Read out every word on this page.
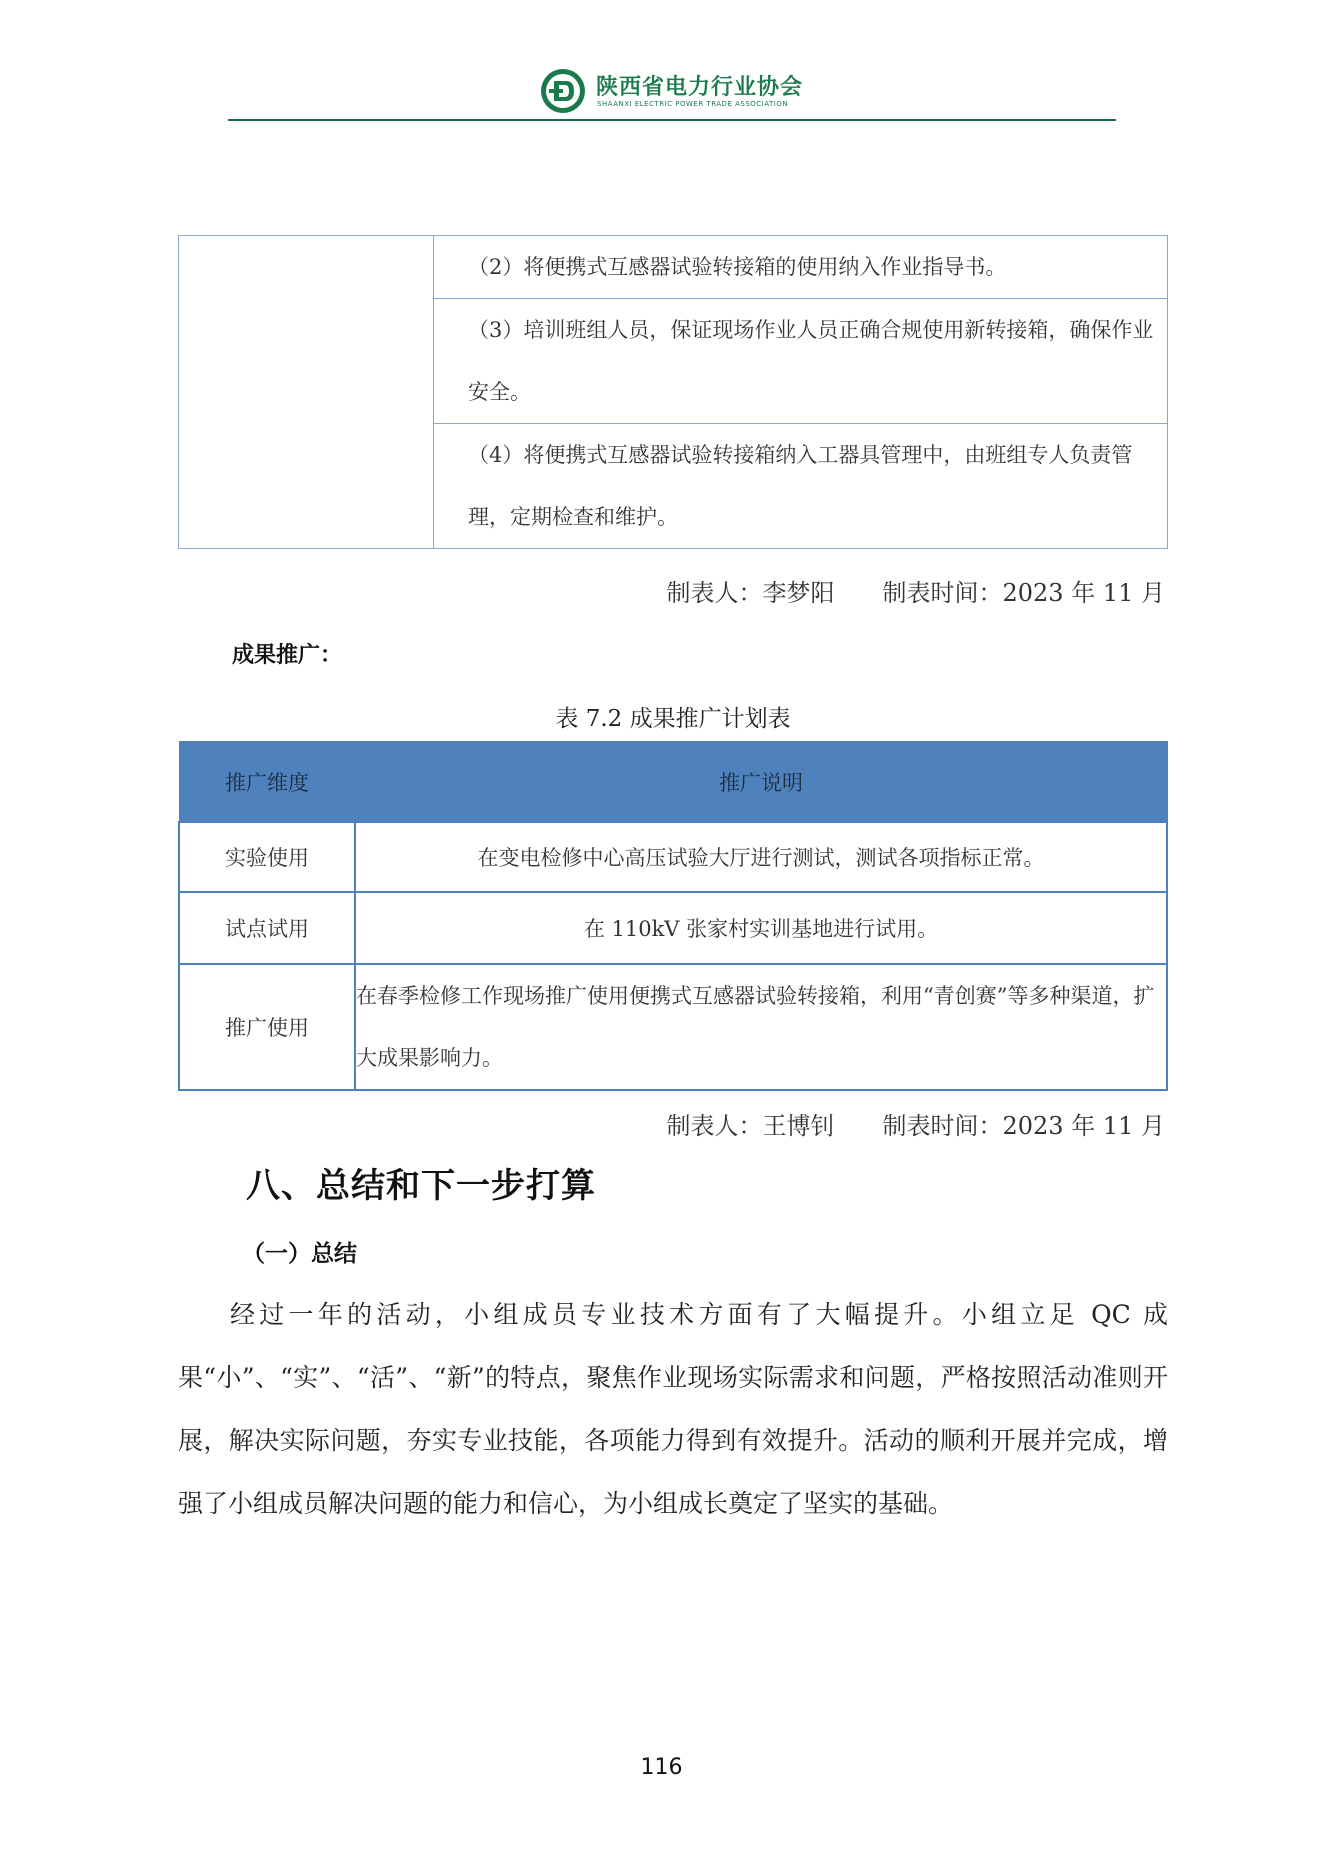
陕西省电力行业协会
SHAANXI ELECTRIC POWER TRADE ASSOCIATION

（2）将便携式互感器试验转接箱的使用纳入作业指导书。

（3）培训班组人员，保证现场作业人员正确合规使用新转接箱，确保作业安全。

（4）将便携式互感器试验转接箱纳入工器具管理中，由班组专人负责管理，定期检查和维护。
制表人：李梦阳　　制表时间：2023 年 11 月
成果推广：
表 7.2 成果推广计划表
推广维度	推广说明
实验使用	在变电检修中心高压试验大厅进行测试，测试各项指标正常。
试点试用	在 110kV 张家村实训基地进行试用。
推广使用	在春季检修工作现场推广使用便携式互感器试验转接箱，利用“青创赛”等多种渠道，扩大成果影响力。
制表人：王博钊　　制表时间：2023 年 11 月
八、总结和下一步打算
（一）总结
经过一年的活动，小组成员专业技术方面有了大幅提升。小组立足 QC 成果“小”、“实”、“活”、“新”的特点，聚焦作业现场实际需求和问题，严格按照活动准则开展，解决实际问题，夯实专业技能，各项能力得到有效提升。活动的顺利开展并完成，增强了小组成员解决问题的能力和信心，为小组成长奠定了坚实的基础。
116
